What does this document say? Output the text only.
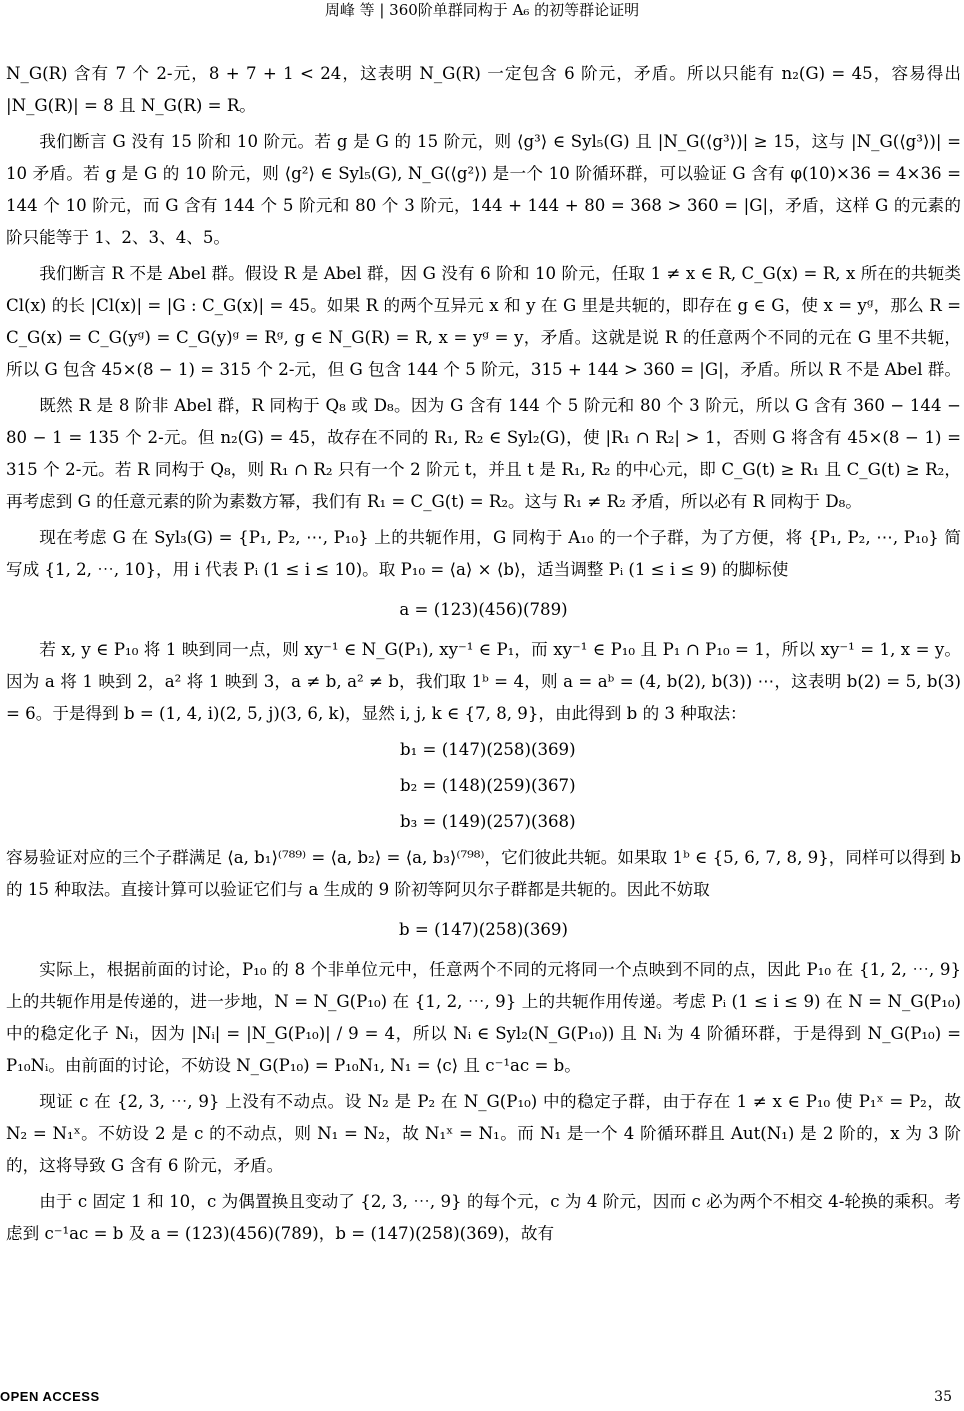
周峰 等 | 360阶单群同构于 A₆ 的初等群论证明

N_G(R) 含有 7 个 2-元，8 + 7 + 1 < 24，这表明 N_G(R) 一定包含 6 阶元，矛盾。所以只能有 n₂(G) = 45，容易得出 |N_G(R)| = 8 且 N_G(R) = R。

我们断言 G 没有 15 阶和 10 阶元。若 g 是 G 的 15 阶元，则 ⟨g³⟩ ∈ Syl₅(G) 且 |N_G(⟨g³⟩)| ≥ 15，这与 |N_G(⟨g³⟩)| = 10 矛盾。若 g 是 G 的 10 阶元，则 ⟨g²⟩ ∈ Syl₅(G), N_G(⟨g²⟩) 是一个 10 阶循环群，可以验证 G 含有 φ(10)×36 = 4×36 = 144 个 10 阶元，而 G 含有 144 个 5 阶元和 80 个 3 阶元，144 + 144 + 80 = 368 > 360 = |G|，矛盾，这样 G 的元素的阶只能等于 1、2、3、4、5。

我们断言 R 不是 Abel 群。假设 R 是 Abel 群，因 G 没有 6 阶和 10 阶元，任取 1 ≠ x ∈ R, C_G(x) = R, x 所在的共轭类 Cl(x) 的长 |Cl(x)| = |G : C_G(x)| = 45。如果 R 的两个互异元 x 和 y 在 G 里是共轭的，即存在 g ∈ G，使 x = yᵍ，那么 R = C_G(x) = C_G(yᵍ) = C_G(y)ᵍ = Rᵍ, g ∈ N_G(R) = R, x = yᵍ = y，矛盾。这就是说 R 的任意两个不同的元在 G 里不共轭，所以 G 包含 45×(8 − 1) = 315 个 2-元，但 G 包含 144 个 5 阶元，315 + 144 > 360 = |G|，矛盾。所以 R 不是 Abel 群。

既然 R 是 8 阶非 Abel 群，R 同构于 Q₈ 或 D₈。因为 G 含有 144 个 5 阶元和 80 个 3 阶元，所以 G 含有 360 − 144 − 80 − 1 = 135 个 2-元。但 n₂(G) = 45，故存在不同的 R₁, R₂ ∈ Syl₂(G)，使 |R₁ ∩ R₂| > 1，否则 G 将含有 45×(8 − 1) = 315 个 2-元。若 R 同构于 Q₈，则 R₁ ∩ R₂ 只有一个 2 阶元 t，并且 t 是 R₁, R₂ 的中心元，即 C_G(t) ≥ R₁ 且 C_G(t) ≥ R₂，再考虑到 G 的任意元素的阶为素数方幂，我们有 R₁ = C_G(t) = R₂。这与 R₁ ≠ R₂ 矛盾，所以必有 R 同构于 D₈。

现在考虑 G 在 Syl₃(G) = {P₁, P₂, ⋯, P₁₀} 上的共轭作用，G 同构于 A₁₀ 的一个子群，为了方便，将 {P₁, P₂, ⋯, P₁₀} 简写成 {1, 2, ⋯, 10}，用 i 代表 Pᵢ (1 ≤ i ≤ 10)。取 P₁₀ = ⟨a⟩ × ⟨b⟩，适当调整 Pᵢ (1 ≤ i ≤ 9) 的脚标使

a = (123)(456)(789)

若 x, y ∈ P₁₀ 将 1 映到同一点，则 xy⁻¹ ∈ N_G(P₁), xy⁻¹ ∈ P₁，而 xy⁻¹ ∈ P₁₀ 且 P₁ ∩ P₁₀ = 1，所以 xy⁻¹ = 1, x = y。因为 a 将 1 映到 2，a² 将 1 映到 3，a ≠ b, a² ≠ b，我们取 1ᵇ = 4，则 a = aᵇ = (4, b(2), b(3)) ⋯，这表明 b(2) = 5, b(3) = 6。于是得到 b = (1, 4, i)(2, 5, j)(3, 6, k)，显然 i, j, k ∈ {7, 8, 9}，由此得到 b 的 3 种取法：

b₁ = (147)(258)(369)
b₂ = (148)(259)(367)
b₃ = (149)(257)(368)

容易验证对应的三个子群满足 ⟨a, b₁⟩⁽⁷⁸⁹⁾ = ⟨a, b₂⟩ = ⟨a, b₃⟩⁽⁷⁹⁸⁾，它们彼此共轭。如果取 1ᵇ ∈ {5, 6, 7, 8, 9}，同样可以得到 b 的 15 种取法。直接计算可以验证它们与 a 生成的 9 阶初等阿贝尔子群都是共轭的。因此不妨取

b = (147)(258)(369)

实际上，根据前面的讨论，P₁₀ 的 8 个非单位元中，任意两个不同的元将同一个点映到不同的点，因此 P₁₀ 在 {1, 2, ⋯, 9} 上的共轭作用是传递的，进一步地，N = N_G(P₁₀) 在 {1, 2, ⋯, 9} 上的共轭作用传递。考虑 Pᵢ (1 ≤ i ≤ 9) 在 N = N_G(P₁₀) 中的稳定化子 Nᵢ，因为 |Nᵢ| = |N_G(P₁₀)| / 9 = 4，所以 Nᵢ ∈ Syl₂(N_G(P₁₀)) 且 Nᵢ 为 4 阶循环群，于是得到 N_G(P₁₀) = P₁₀Nᵢ。由前面的讨论，不妨设 N_G(P₁₀) = P₁₀N₁, N₁ = ⟨c⟩ 且 c⁻¹ac = b。

现证 c 在 {2, 3, ⋯, 9} 上没有不动点。设 N₂ 是 P₂ 在 N_G(P₁₀) 中的稳定子群，由于存在 1 ≠ x ∈ P₁₀ 使 P₁ˣ = P₂，故 N₂ = N₁ˣ。不妨设 2 是 c 的不动点，则 N₁ = N₂，故 N₁ˣ = N₁。而 N₁ 是一个 4 阶循环群且 Aut(N₁) 是 2 阶的，x 为 3 阶的，这将导致 G 含有 6 阶元，矛盾。

由于 c 固定 1 和 10，c 为偶置换且变动了 {2, 3, ⋯, 9} 的每个元，c 为 4 阶元，因而 c 必为两个不相交 4-轮换的乘积。考虑到 c⁻¹ac = b 及 a = (123)(456)(789)，b = (147)(258)(369)，故有

OPEN ACCESS	35
